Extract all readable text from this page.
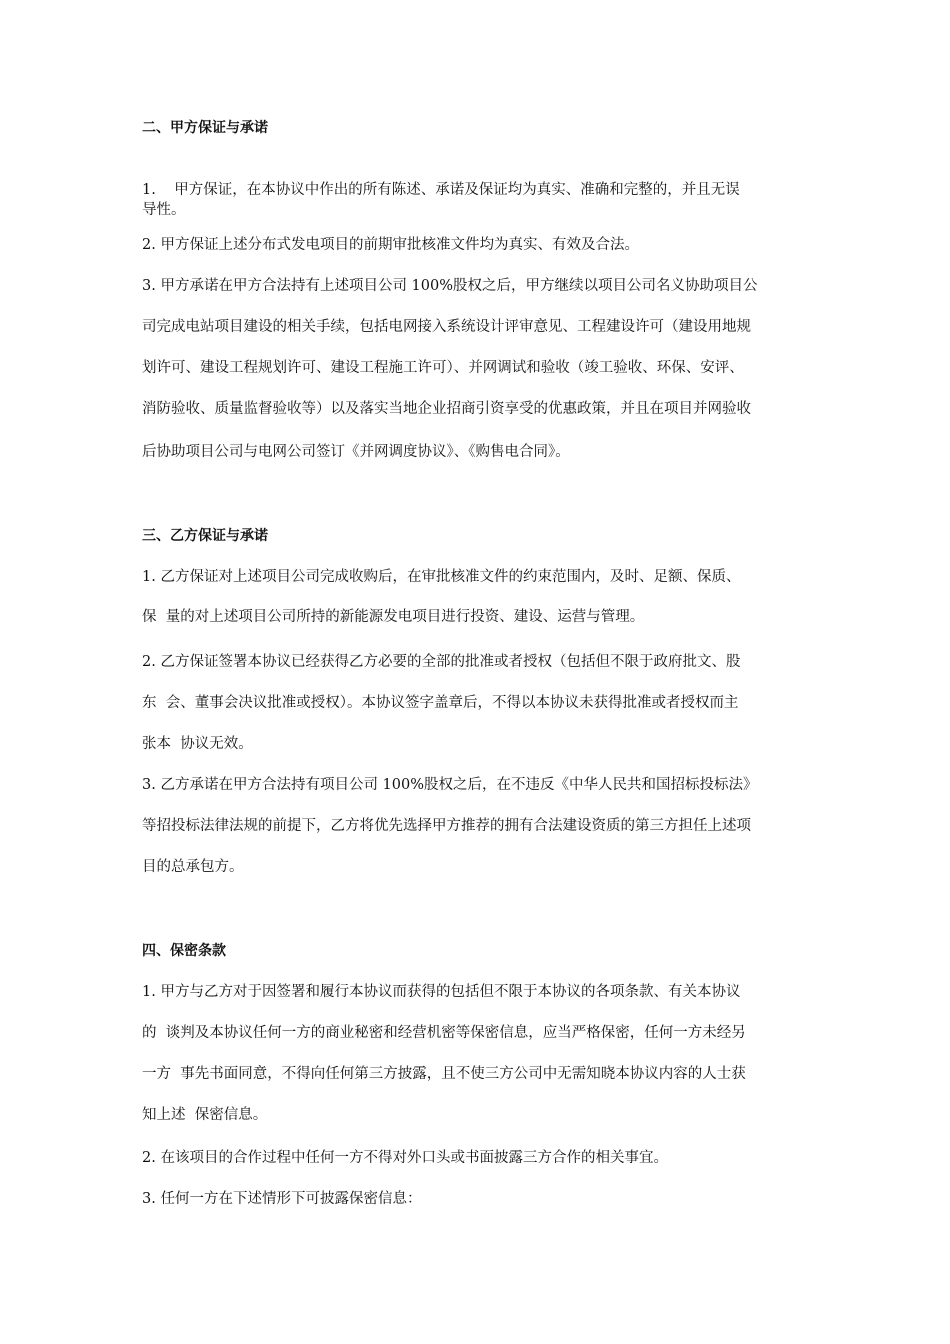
二、甲方保证与承诺
1.    甲方保证，在本协议中作出的所有陈述、承诺及保证均为真实、准确和完整的，并且无误
导性。
2. 甲方保证上述分布式发电项目的前期审批核准文件均为真实、有效及合法。
3. 甲方承诺在甲方合法持有上述项目公司 100%股权之后，甲方继续以项目公司名义协助项目公
司完成电站项目建设的相关手续，包括电网接入系统设计评审意见、工程建设许可（建设用地规
划许可、建设工程规划许可、建设工程施工许可）、并网调试和验收（竣工验收、环保、安评、
消防验收、质量监督验收等）以及落实当地企业招商引资享受的优惠政策，并且在项目并网验收
后协助项目公司与电网公司签订《并网调度协议》、《购售电合同》。
三、乙方保证与承诺
1. 乙方保证对上述项目公司完成收购后，在审批核准文件的约束范围内，及时、足额、保质、
保  量的对上述项目公司所持的新能源发电项目进行投资、建设、运营与管理。
2. 乙方保证签署本协议已经获得乙方必要的全部的批准或者授权（包括但不限于政府批文、股
东  会、董事会决议批准或授权）。本协议签字盖章后，不得以本协议未获得批准或者授权而主
张本  协议无效。
3. 乙方承诺在甲方合法持有项目公司 100%股权之后，在不违反《中华人民共和国招标投标法》
等招投标法律法规的前提下，乙方将优先选择甲方推荐的拥有合法建设资质的第三方担任上述项
目的总承包方。
四、保密条款
1. 甲方与乙方对于因签署和履行本协议而获得的包括但不限于本协议的各项条款、有关本协议
的  谈判及本协议任何一方的商业秘密和经营机密等保密信息，应当严格保密，任何一方未经另
一方  事先书面同意，不得向任何第三方披露，且不使三方公司中无需知晓本协议内容的人士获
知上述  保密信息。
2. 在该项目的合作过程中任何一方不得对外口头或书面披露三方合作的相关事宜。
3. 任何一方在下述情形下可披露保密信息：
